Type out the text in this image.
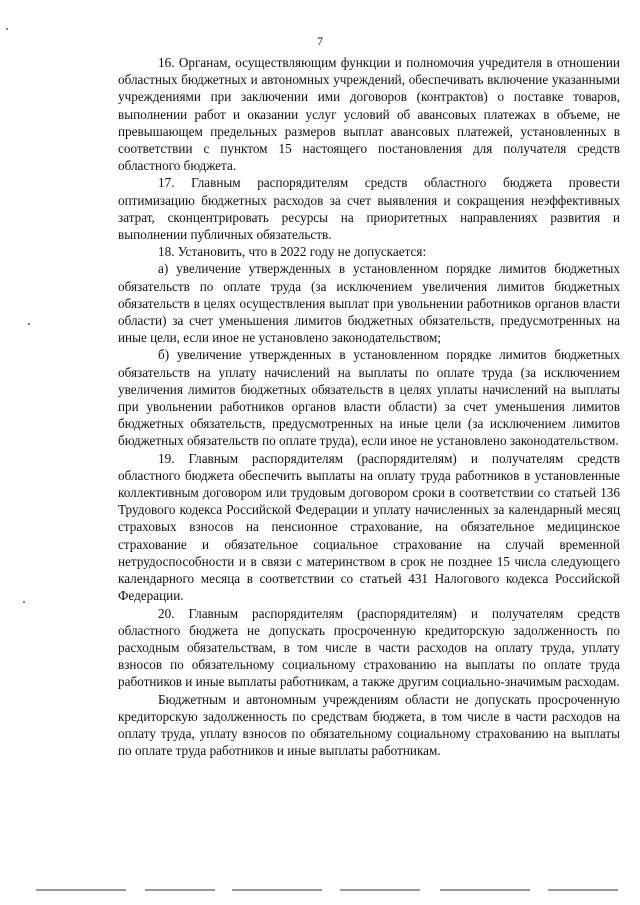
7

16. Органам, осуществляющим функции и полномочия учредителя в отношении областных бюджетных и автономных учреждений, обеспечивать включение указанными учреждениями при заключении ими договоров (контрактов) о поставке товаров, выполнении работ и оказании услуг условий об авансовых платежах в объеме, не превышающем предельных размеров выплат авансовых платежей, установленных в соответствии с пунктом 15 настоящего постановления для получателя средств областного бюджета.

17. Главным распорядителям средств областного бюджета провести оптимизацию бюджетных расходов за счет выявления и сокращения неэффективных затрат, сконцентрировать ресурсы на приоритетных направлениях развития и выполнении публичных обязательств.

18. Установить, что в 2022 году не допускается:

а) увеличение утвержденных в установленном порядке лимитов бюджетных обязательств по оплате труда (за исключением увеличения лимитов бюджетных обязательств в целях осуществления выплат при увольнении работников органов власти области) за счет уменьшения лимитов бюджетных обязательств, предусмотренных на иные цели, если иное не установлено законодательством;

б) увеличение утвержденных в установленном порядке лимитов бюджетных обязательств на уплату начислений на выплаты по оплате труда (за исключением увеличения лимитов бюджетных обязательств в целях уплаты начислений на выплаты при увольнении работников органов власти области) за счет уменьшения лимитов бюджетных обязательств, предусмотренных на иные цели (за исключением лимитов бюджетных обязательств по оплате труда), если иное не установлено законодательством.

19. Главным распорядителям (распорядителям) и получателям средств областного бюджета обеспечить выплаты на оплату труда работников в установленные коллективным договором или трудовым договором сроки в соответствии со статьей 136 Трудового кодекса Российской Федерации и уплату начисленных за календарный месяц страховых взносов на пенсионное страхование, на обязательное медицинское страхование и обязательное социальное страхование на случай временной нетрудоспособности и в связи с материнством в срок не позднее 15 числа следующего календарного месяца в соответствии со статьей 431 Налогового кодекса Российской Федерации.

20. Главным распорядителям (распорядителям) и получателям средств областного бюджета не допускать просроченную кредиторскую задолженность по расходным обязательствам, в том числе в части расходов на оплату труда, уплату взносов по обязательному социальному страхованию на выплаты по оплате труда работников и иные выплаты работникам, а также другим социально-значимым расходам.

Бюджетным и автономным учреждениям области не допускать просроченную кредиторскую задолженность по средствам бюджета, в том числе в части расходов на оплату труда, уплату взносов по обязательному социальному страхованию на выплаты по оплате труда работников и иные выплаты работникам.
